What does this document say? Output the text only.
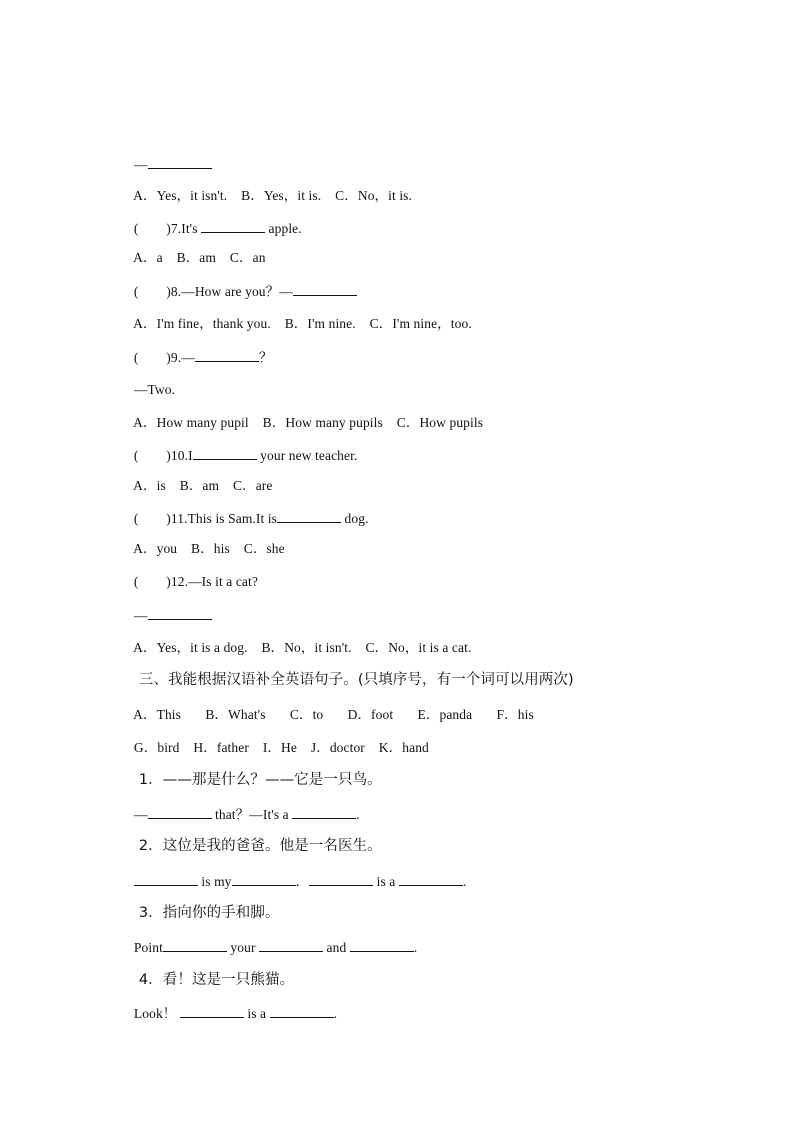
—

A．Yes，it isn't.    B．Yes，it is.    C．No，it is.

(        )7.It's	apple.

A．a    B．am    C．an

(        )8.—How are you？—

A．I'm fine，thank you.    B．I'm nine.    C．I'm nine，too.

(        )9.—	？

—Two.

A．How many pupil    B．How many pupils    C．How pupils

(        )10.I	your new teacher.

A．is    B．am    C．are

(        )11.This is Sam.It is	dog.

A．you    B．his    C．she

(        )12.—Is it a cat?

—

A．Yes，it is a dog.    B．No，it isn't.    C．No，it is a cat.

三、我能根据汉语补全英语句子。(只填序号，有一个词可以用两次)

A．This       B．What's       C．to       D．foot       E．panda       F．his

G．bird    H．father    I．He    J．doctor    K．hand

1．——那是什么？——它是一只鸟。

—	that？—It's a	.

2．这位是我的爸爸。他是一名医生。

is my	．	is a	.

3．指向你的手和脚。

Point	your	and	.

4．看！这是一只熊猫。

Look！	is a	.
